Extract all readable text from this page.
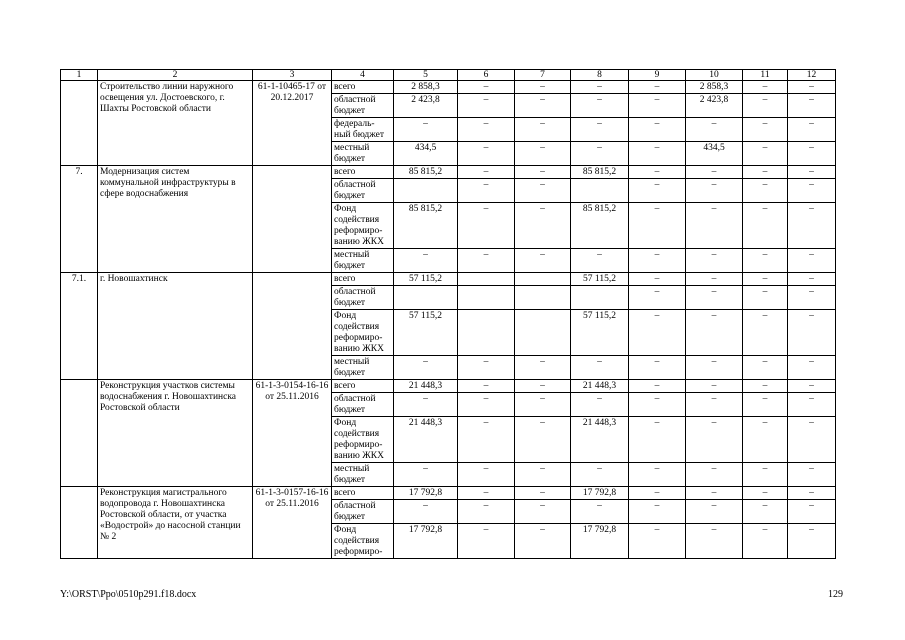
1	2	3	4	5	6	7	8	9	10	11	12
	Строительство линии наружного освещения ул. Достоевского, г. Шахты Ростовской области	61-1-10465-17 от 20.12.2017	всего	2 858,3	–	–	–	–	2 858,3	–	–
			областной бюджет	2 423,8	–	–	–	–	2 423,8	–	–
			федераль-ный бюджет	–	–	–	–	–	–	–	–
			местный бюджет	434,5	–	–	–	–	434,5	–	–
7.	Модернизация систем коммунальной инфраструктуры в сфере водоснабжения		всего	85 815,2	–	–	85 815,2	–	–	–	–
			областной бюджет		–	–		–	–	–	–
			Фонд содействия реформиро-ванию ЖКХ	85 815,2	–	–	85 815,2	–	–	–	–
			местный бюджет	–	–	–	–	–	–	–	–
7.1.	г. Новошахтинск		всего	57 115,2			57 115,2	–	–	–	–
			областной бюджет					–	–	–	–
			Фонд содействия реформиро-ванию ЖКХ	57 115,2			57 115,2	–	–	–	–
			местный бюджет	–	–	–	–	–	–	–	–
	Реконструкция участков системы водоснабжения г. Новошахтинска Ростовской области	61-1-3-0154-16-16 от 25.11.2016	всего	21 448,3	–	–	21 448,3	–	–	–	–
			областной бюджет	–	–	–	–	–	–	–	–
			Фонд содействия реформиро-ванию ЖКХ	21 448,3	–	–	21 448,3	–	–	–	–
			местный бюджет	–	–	–	–	–	–	–	–
	Реконструкция магистрального водопровода г. Новошахтинска Ростовской области, от участка «Водострой» до насосной станции № 2	61-1-3-0157-16-16 от 25.11.2016	всего	17 792,8	–	–	17 792,8	–	–	–	–
			областной бюджет	–	–	–	–	–	–	–	–
			Фонд содействия реформиро-	17 792,8	–	–	17 792,8	–	–	–	–
Y:\ORST\Ppo\0510p291.f18.docx	129
